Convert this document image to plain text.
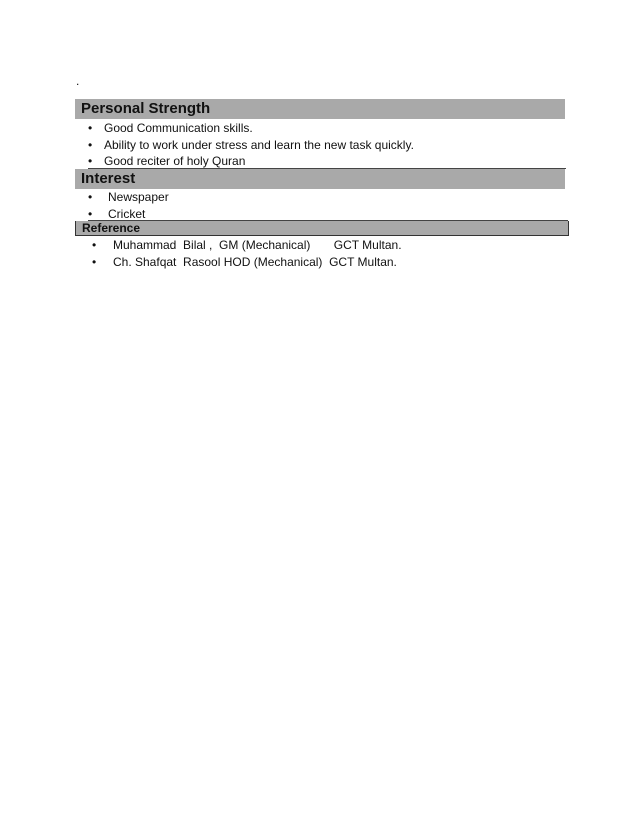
.
Personal Strength
• Good Communication skills.
• Ability to work under stress and learn the new task quickly.
• Good reciter of holy Quran
Interest
• Newspaper
• Cricket
Reference
• Muhammad  Bilal ,  GM (Mechanical)       GCT Multan.
• Ch. Shafqat  Rasool HOD (Mechanical)  GCT Multan.
